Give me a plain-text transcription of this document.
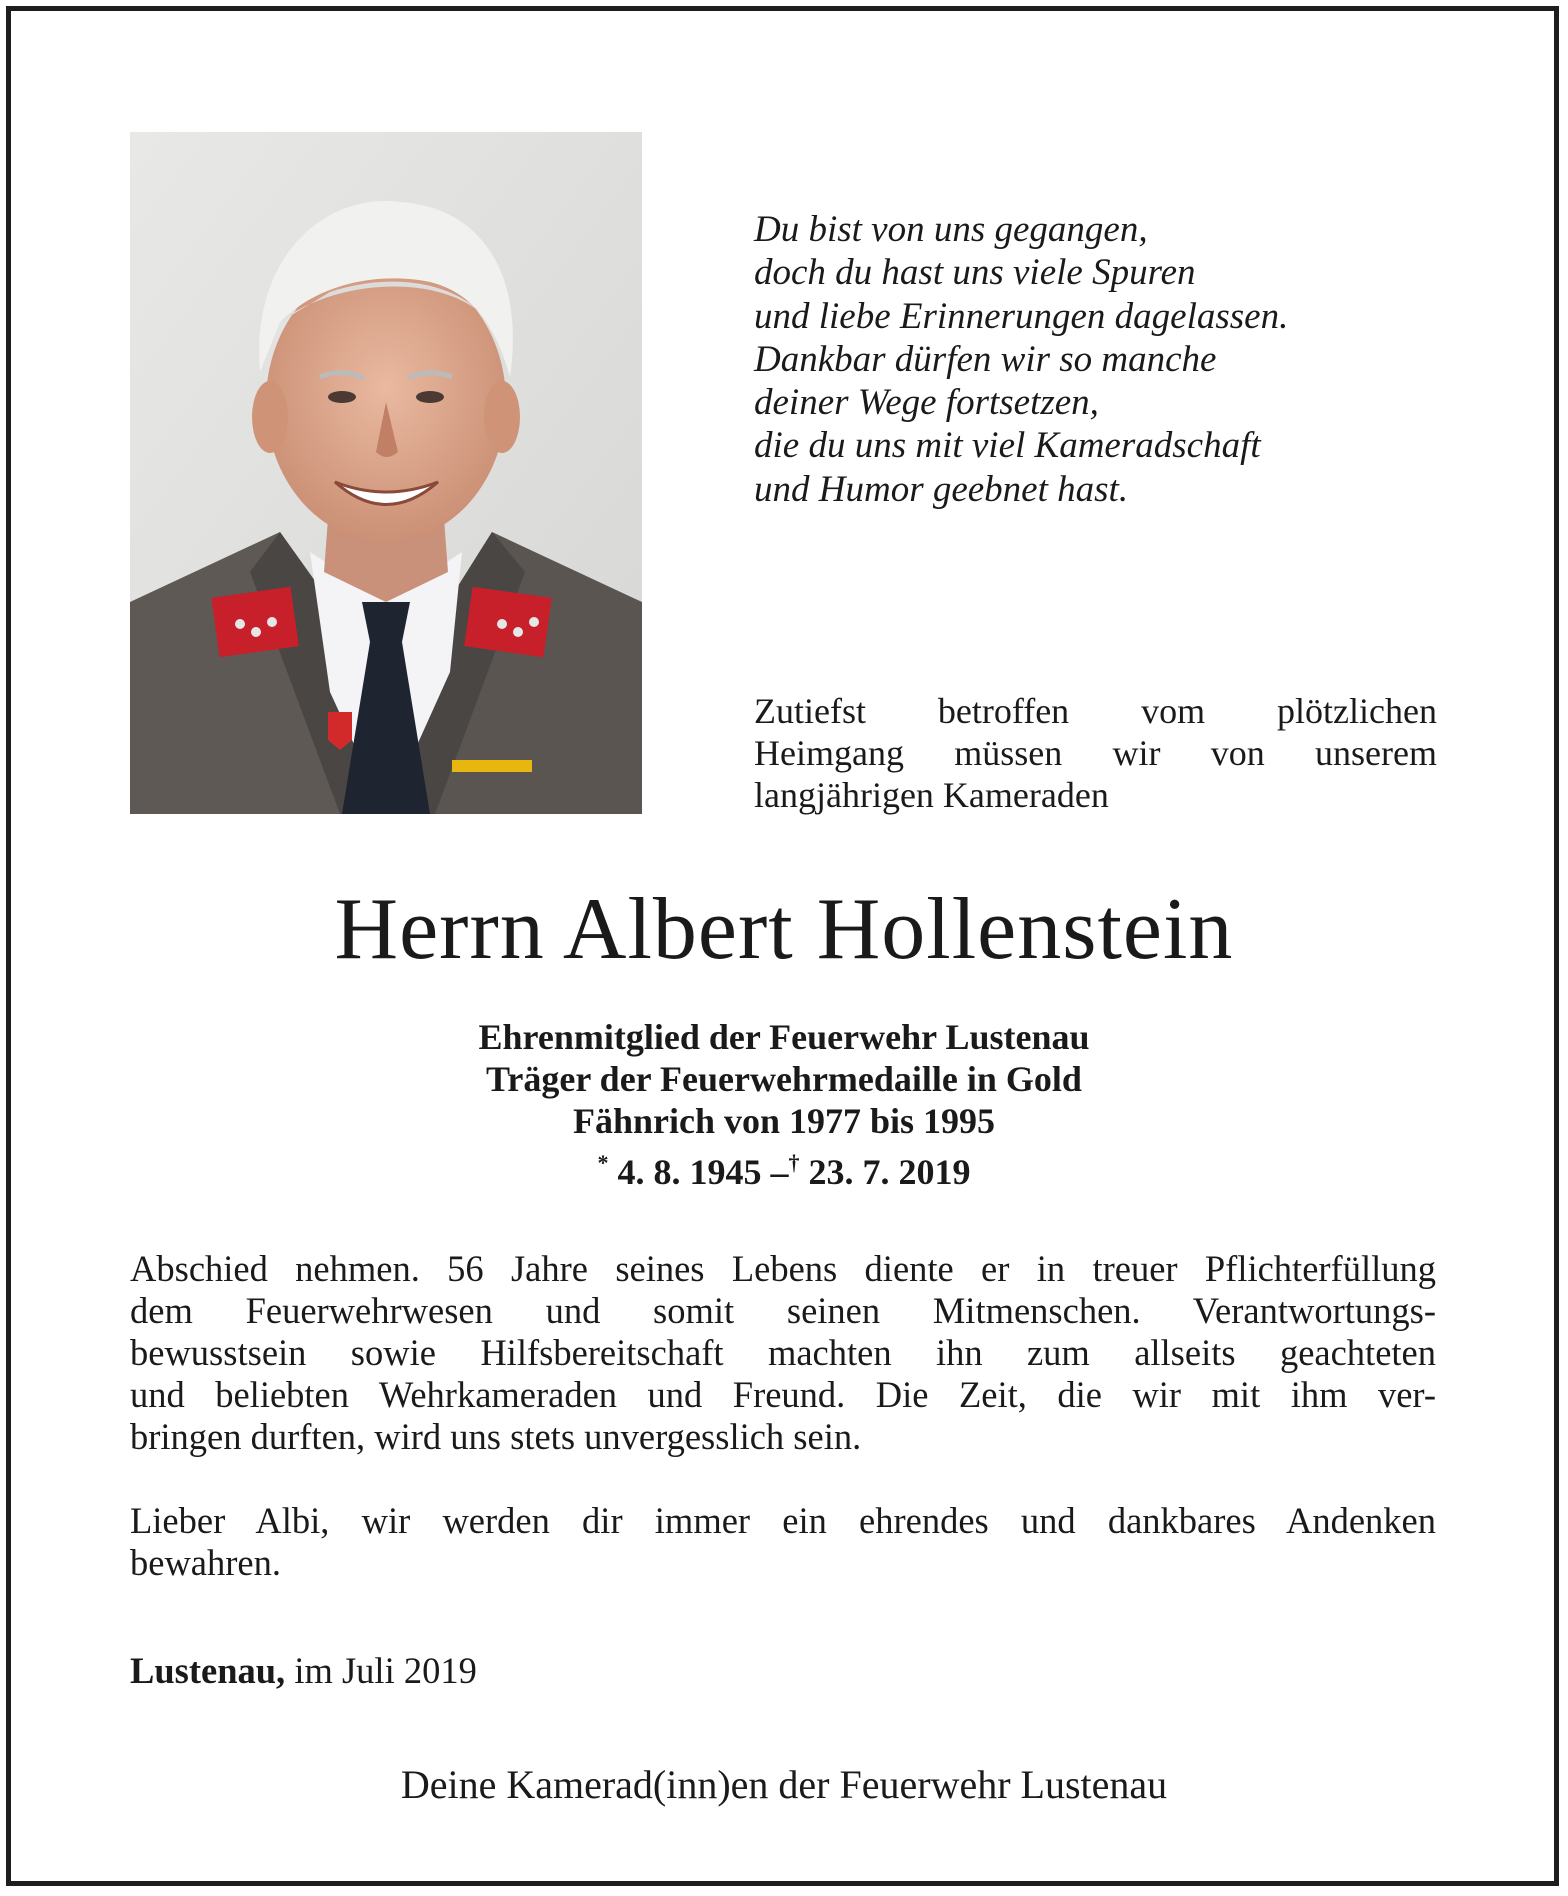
Du bist von uns gegangen,
doch du hast uns viele Spuren
und liebe Erinnerungen dagelassen.
Dankbar dürfen wir so manche
deiner Wege fortsetzen,
die du uns mit viel Kameradschaft
und Humor geebnet hast.
Zutiefst betroffen vom plötzlichen
Heimgang müssen wir von unserem
langjährigen Kameraden
Herrn Albert Hollenstein
Ehrenmitglied der Feuerwehr Lustenau
Träger der Feuerwehrmedaille in Gold
Fähnrich von 1977 bis 1995
* 4. 8. 1945 –† 23. 7. 2019
Abschied nehmen. 56 Jahre seines Lebens diente er in treuer Pflichterfüllung
dem Feuerwehrwesen und somit seinen Mitmenschen. Verantwortungs-
bewusstsein sowie Hilfsbereitschaft machten ihn zum allseits geachteten
und beliebten Wehrkameraden und Freund. Die Zeit, die wir mit ihm ver-
bringen durften, wird uns stets unvergesslich sein.
Lieber Albi, wir werden dir immer ein ehrendes und dankbares Andenken
bewahren.
Lustenau, im Juli 2019
Deine Kamerad(inn)en der Feuerwehr Lustenau
